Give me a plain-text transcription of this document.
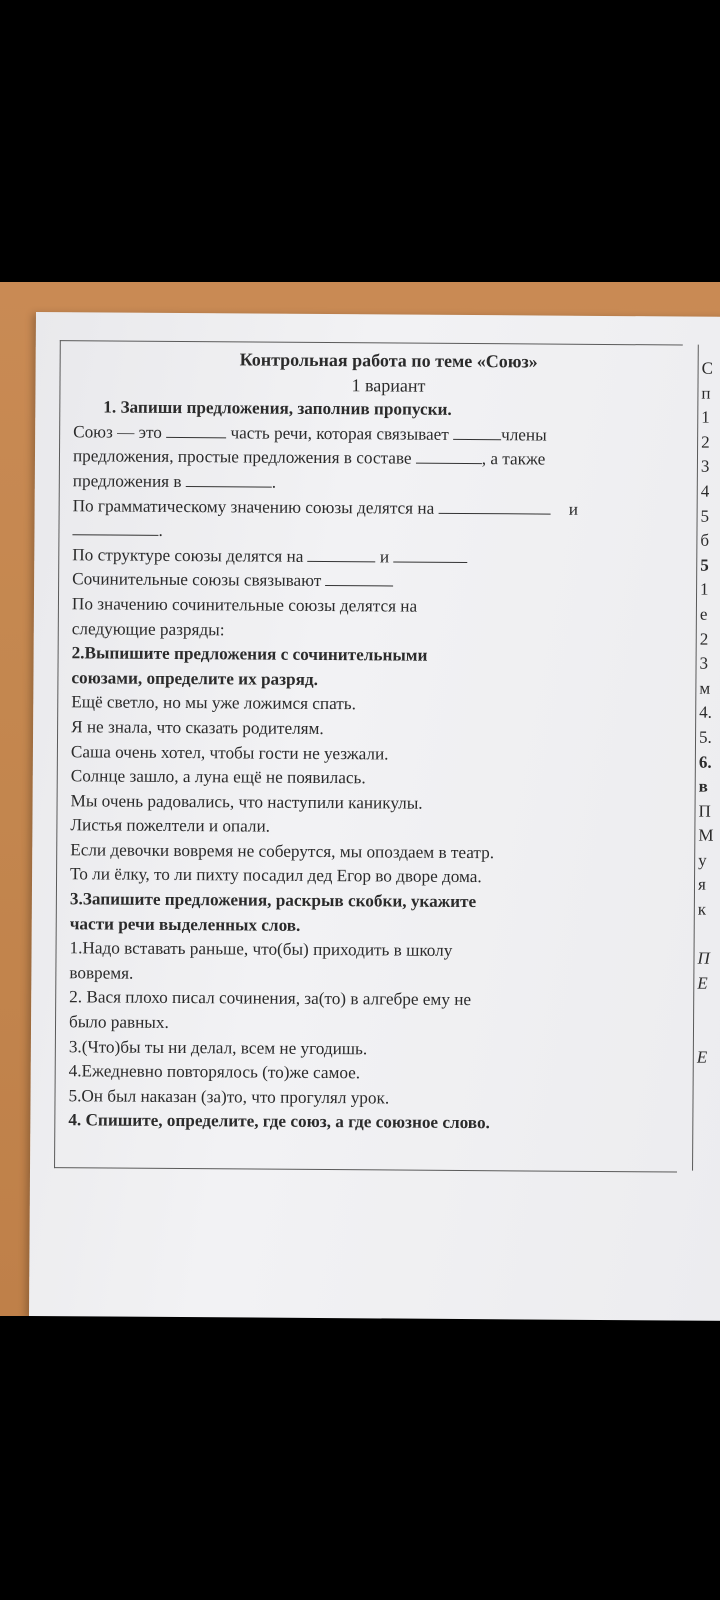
Контрольная работа по теме «Союз»
1 вариант
1. Запиши предложения, заполнив пропуски.
Союз — это	часть речи, которая связывает	члены
предложения, простые предложения в составе	, а также
предложения в	.
По грамматическому значению союзы делятся на	и
.
По структуре союзы делятся на	и
Сочинительные союзы связывают
По значению сочинительные союзы делятся на
следующие разряды:
2.Выпишите предложения с сочинительными
союзами, определите их разряд.
Ещё светло, но мы уже ложимся спать.
Я не знала, что сказать родителям.
Саша очень хотел, чтобы гости не уезжали.
Солнце зашло, а луна ещё не появилась.
Мы очень радовались, что наступили каникулы.
Листья пожелтели и опали.
Если девочки вовремя не соберутся, мы опоздаем в театр.
То ли ёлку, то ли пихту посадил дед Егор во дворе дома.
3.Запишите предложения, раскрыв скобки, укажите
части речи выделенных слов.
1.Надо вставать раньше, что(бы) приходить в школу
вовремя.
2. Вася плохо писал сочинения, за(то) в алгебре ему не
было равных.
3.(Что)бы ты ни делал, всем не угодишь.
4.Ежедневно повторялось (то)же самое.
5.Он был наказан (за)то, что прогулял урок.
4. Спишите, определите, где союз, а где союзное слово.
С
п
1
2
3
4
5
б
5
1
е
2
3
м
4.
5.
6.
в
П
М
у
я
к

П
Е

Е
